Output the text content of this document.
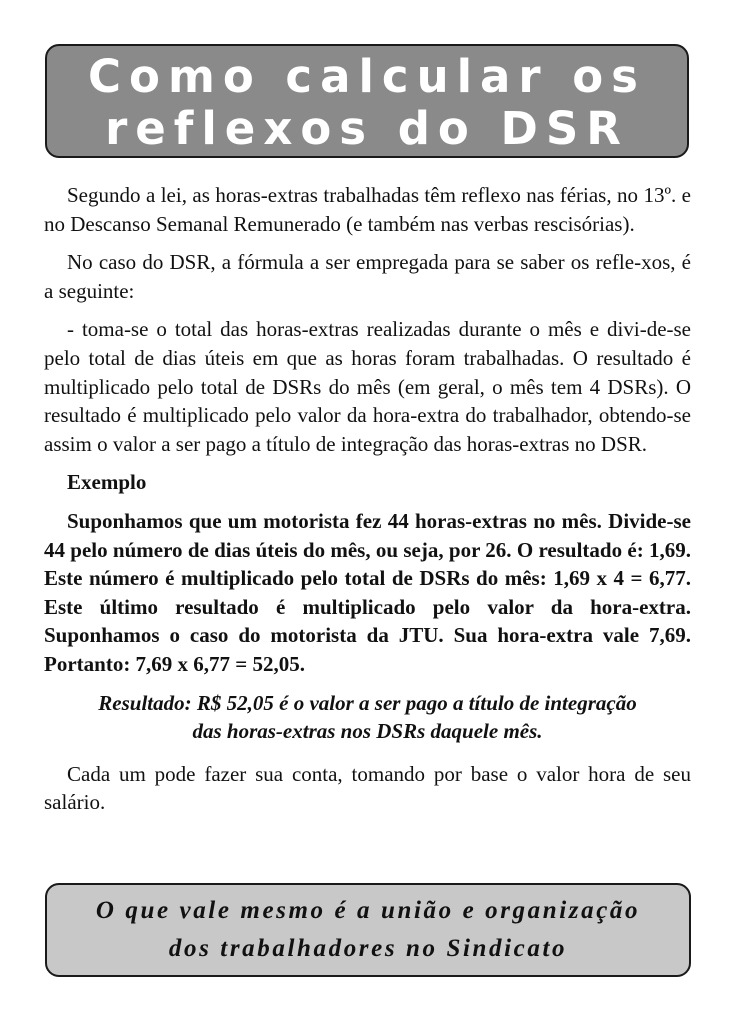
Como calcular os
reflexos do DSR

Segundo a lei, as horas-extras trabalhadas têm reflexo nas férias, no 13º. e no Descanso Semanal Remunerado (e também nas verbas rescisórias).

No caso do DSR, a fórmula a ser empregada para se saber os refle-xos, é a seguinte:

- toma-se o total das horas-extras realizadas durante o mês e divi-de-se pelo total de dias úteis em que as horas foram trabalhadas. O resultado é multiplicado pelo total de DSRs do mês (em geral, o mês tem 4 DSRs). O resultado é multiplicado pelo valor da hora-extra do trabalhador, obtendo-se assim o valor a ser pago a título de integração das horas-extras no DSR.

Exemplo

Suponhamos que um motorista fez 44 horas-extras no mês. Divide-se 44 pelo número de dias úteis do mês, ou seja, por 26. O resultado é: 1,69. Este número é multiplicado pelo total de DSRs do mês: 1,69 x 4 = 6,77. Este último resultado é multiplicado pelo valor da hora-extra. Suponhamos o caso do motorista da JTU. Sua hora-extra vale 7,69. Portanto: 7,69 x 6,77 = 52,05.

Resultado: R$ 52,05 é o valor a ser pago a título de integração
das horas-extras nos DSRs daquele mês.

Cada um pode fazer sua conta, tomando por base o valor hora de seu salário.

O que vale mesmo é a união e organização
dos trabalhadores no Sindicato
